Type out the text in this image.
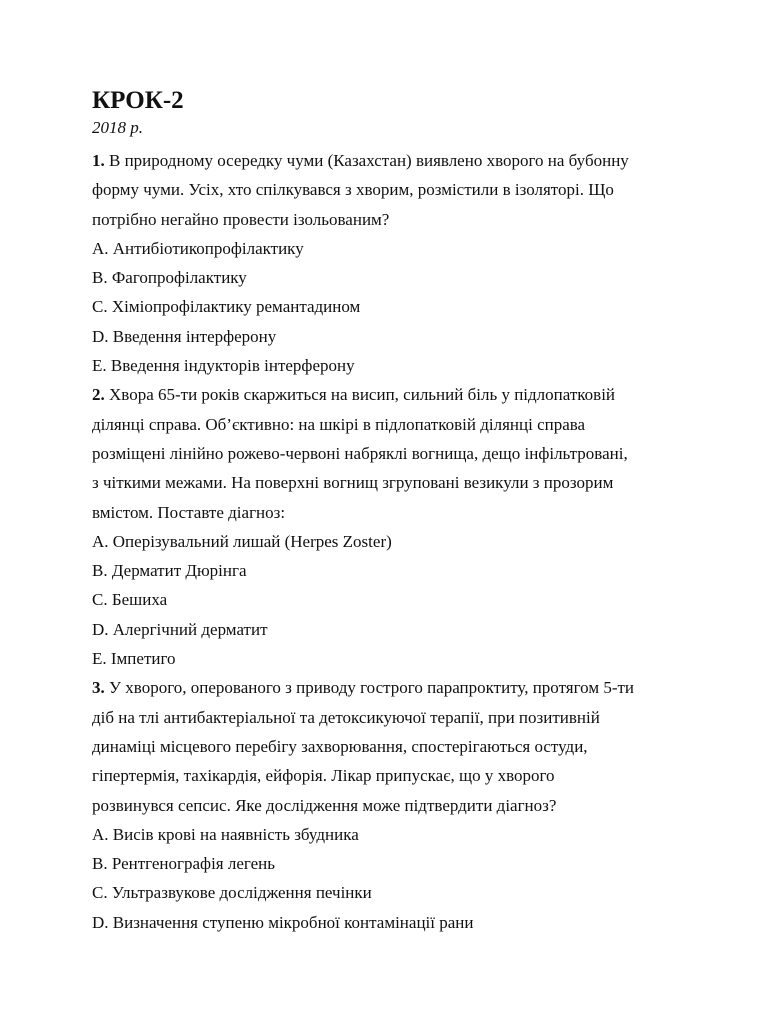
КРОК-2
2018 р.
1. В природному осередку чуми (Казахстан) виявлено хворого на бубонну
форму чуми. Усіх, хто спілкувався з хворим, розмістили в ізоляторі. Що
потрібно негайно провести ізольованим?
A. Антибіотикопрофілактику
B. Фагопрофілактику
C. Хіміопрофілактику ремантадином
D. Введення інтерферону
E. Введення індукторів інтерферону
2. Хвора 65-ти років скаржиться на висип, сильний біль у підлопатковій
ділянці справа. Об’єктивно: на шкірі в підлопатковій ділянці справа
розміщені лінійно рожево-червоні набряклі вогнища, дещо інфільтровані,
з чіткими межами. На поверхні вогнищ згруповані везикули з прозорим
вмістом. Поставте діагноз:
A. Оперізувальний лишай (Herpes Zoster)
B. Дерматит Дюрінга
C. Бешиха
D. Алергічний дерматит
E. Імпетиго
3. У хворого, оперованого з приводу гострого парапроктиту, протягом 5-ти
діб на тлі антибактеріальної та детоксикуючої терапії, при позитивній
динаміці місцевого перебігу захворювання, спостерігаються остуди,
гіпертермія, тахікардія, ейфорія. Лікар припускає, що у хворого
розвинувся сепсис. Яке дослідження може підтвердити діагноз?
A. Висів крові на наявність збудника
B. Рентгенографія легень
C. Ультразвукове дослідження печінки
D. Визначення ступеню мікробної контамінації рани
